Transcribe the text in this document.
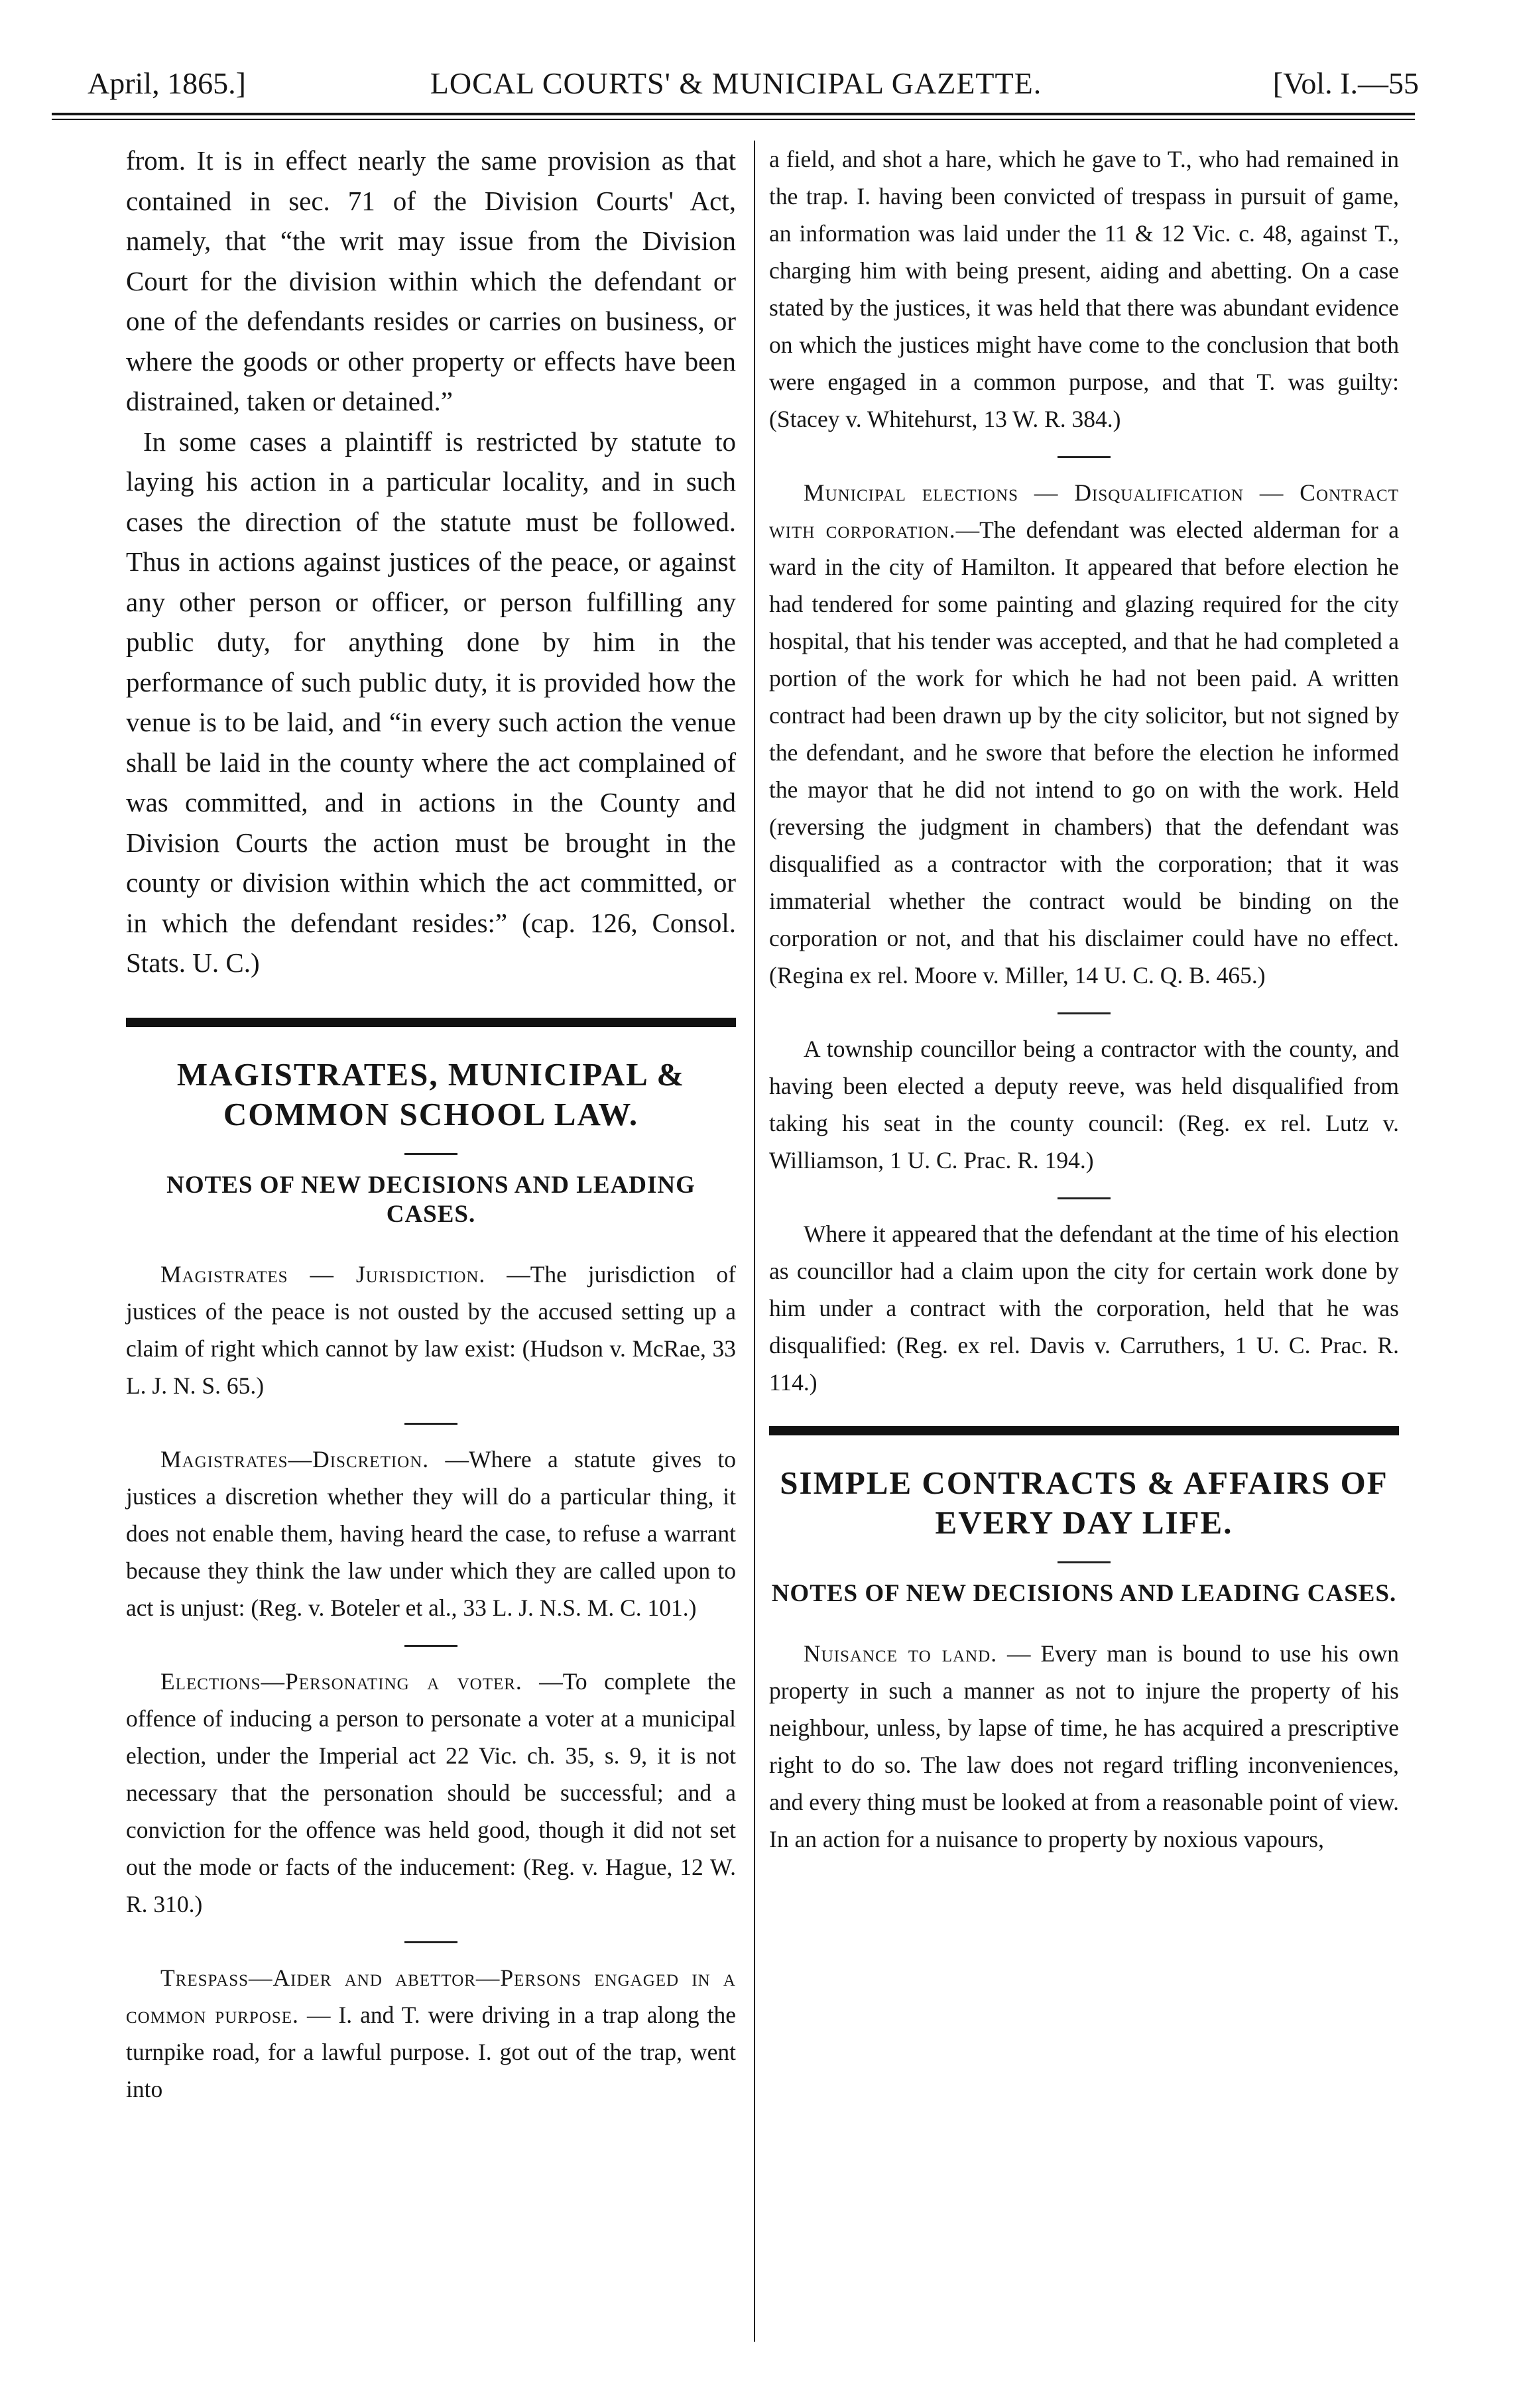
April, 1865.]	LOCAL COURTS' & MUNICIPAL GAZETTE.	[Vol. I.—55

from. It is in effect nearly the same provision as that contained in sec. 71 of the Division Courts' Act, namely, that “the writ may issue from the Division Court for the division within which the defendant or one of the defendants resides or carries on business, or where the goods or other property or effects have been distrained, taken or detained.”

In some cases a plaintiff is restricted by statute to laying his action in a particular locality, and in such cases the direction of the statute must be followed. Thus in actions against justices of the peace, or against any other person or officer, or person fulfilling any public duty, for anything done by him in the performance of such public duty, it is provided how the venue is to be laid, and “in every such action the venue shall be laid in the county where the act complained of was committed, and in actions in the County and Division Courts the action must be brought in the county or division within which the act committed, or in which the defendant resides:” (cap. 126, Consol. Stats. U. C.)

MAGISTRATES, MUNICIPAL & COMMON SCHOOL LAW.
NOTES OF NEW DECISIONS AND LEADING CASES.

Magistrates — Jurisdiction. —The jurisdiction of justices of the peace is not ousted by the accused setting up a claim of right which cannot by law exist: (Hudson v. McRae, 33 L. J. N. S. 65.)

Magistrates—Discretion. —Where a statute gives to justices a discretion whether they will do a particular thing, it does not enable them, having heard the case, to refuse a warrant because they think the law under which they are called upon to act is unjust: (Reg. v. Boteler et al., 33 L. J. N.S. M. C. 101.)

Elections—Personating a voter. —To complete the offence of inducing a person to personate a voter at a municipal election, under the Imperial act 22 Vic. ch. 35, s. 9, it is not necessary that the personation should be successful; and a conviction for the offence was held good, though it did not set out the mode or facts of the inducement: (Reg. v. Hague, 12 W. R. 310.)

Trespass—Aider and abettor—Persons engaged in a common purpose. — I. and T. were driving in a trap along the turnpike road, for a lawful purpose. I. got out of the trap, went into

a field, and shot a hare, which he gave to T., who had remained in the trap. I. having been convicted of trespass in pursuit of game, an information was laid under the 11 & 12 Vic. c. 48, against T., charging him with being present, aiding and abetting. On a case stated by the justices, it was held that there was abundant evidence on which the justices might have come to the conclusion that both were engaged in a common purpose, and that T. was guilty: (Stacey v. Whitehurst, 13 W. R. 384.)

Municipal elections — Disqualification — Contract with corporation.—The defendant was elected alderman for a ward in the city of Hamilton. It appeared that before election he had tendered for some painting and glazing required for the city hospital, that his tender was accepted, and that he had completed a portion of the work for which he had not been paid. A written contract had been drawn up by the city solicitor, but not signed by the defendant, and he swore that before the election he informed the mayor that he did not intend to go on with the work. Held (reversing the judgment in chambers) that the defendant was disqualified as a contractor with the corporation; that it was immaterial whether the contract would be binding on the corporation or not, and that his disclaimer could have no effect. (Regina ex rel. Moore v. Miller, 14 U. C. Q. B. 465.)

A township councillor being a contractor with the county, and having been elected a deputy reeve, was held disqualified from taking his seat in the county council: (Reg. ex rel. Lutz v. Williamson, 1 U. C. Prac. R. 194.)

Where it appeared that the defendant at the time of his election as councillor had a claim upon the city for certain work done by him under a contract with the corporation, held that he was disqualified: (Reg. ex rel. Davis v. Carruthers, 1 U. C. Prac. R. 114.)

SIMPLE CONTRACTS & AFFAIRS OF EVERY DAY LIFE.
NOTES OF NEW DECISIONS AND LEADING CASES.

Nuisance to land. — Every man is bound to use his own property in such a manner as not to injure the property of his neighbour, unless, by lapse of time, he has acquired a prescriptive right to do so. The law does not regard trifling inconveniences, and every thing must be looked at from a reasonable point of view. In an action for a nuisance to property by noxious vapours,
